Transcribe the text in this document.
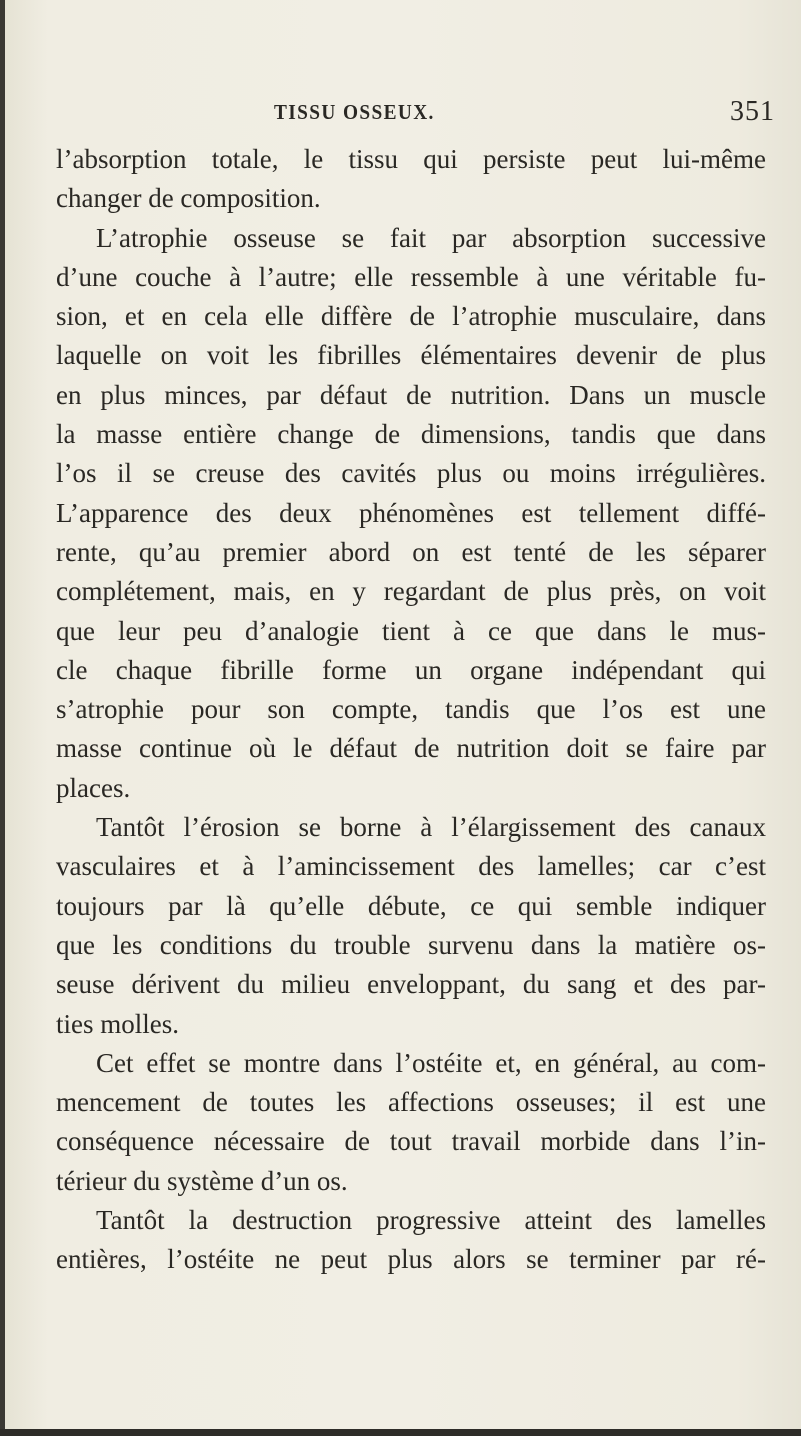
TISSU OSSEUX.	351
l’absorption totale, le tissu qui persiste peut lui-même
changer de composition.
L’atrophie osseuse se fait par absorption successive
d’une couche à l’autre; elle ressemble à une véritable fu-
sion, et en cela elle diffère de l’atrophie musculaire, dans
laquelle on voit les fibrilles élémentaires devenir de plus
en plus minces, par défaut de nutrition. Dans un muscle
la masse entière change de dimensions, tandis que dans
l’os il se creuse des cavités plus ou moins irrégulières.
L’apparence des deux phénomènes est tellement diffé-
rente, qu’au premier abord on est tenté de les séparer
complétement, mais, en y regardant de plus près, on voit
que leur peu d’analogie tient à ce que dans le mus-
cle chaque fibrille forme un organe indépendant qui
s’atrophie pour son compte, tandis que l’os est une
masse continue où le défaut de nutrition doit se faire par
places.
Tantôt l’érosion se borne à l’élargissement des canaux
vasculaires et à l’amincissement des lamelles; car c’est
toujours par là qu’elle débute, ce qui semble indiquer
que les conditions du trouble survenu dans la matière os-
seuse dérivent du milieu enveloppant, du sang et des par-
ties molles.
Cet effet se montre dans l’ostéite et, en général, au com-
mencement de toutes les affections osseuses; il est une
conséquence nécessaire de tout travail morbide dans l’in-
térieur du système d’un os.
Tantôt la destruction progressive atteint des lamelles
entières, l’ostéite ne peut plus alors se terminer par ré-
